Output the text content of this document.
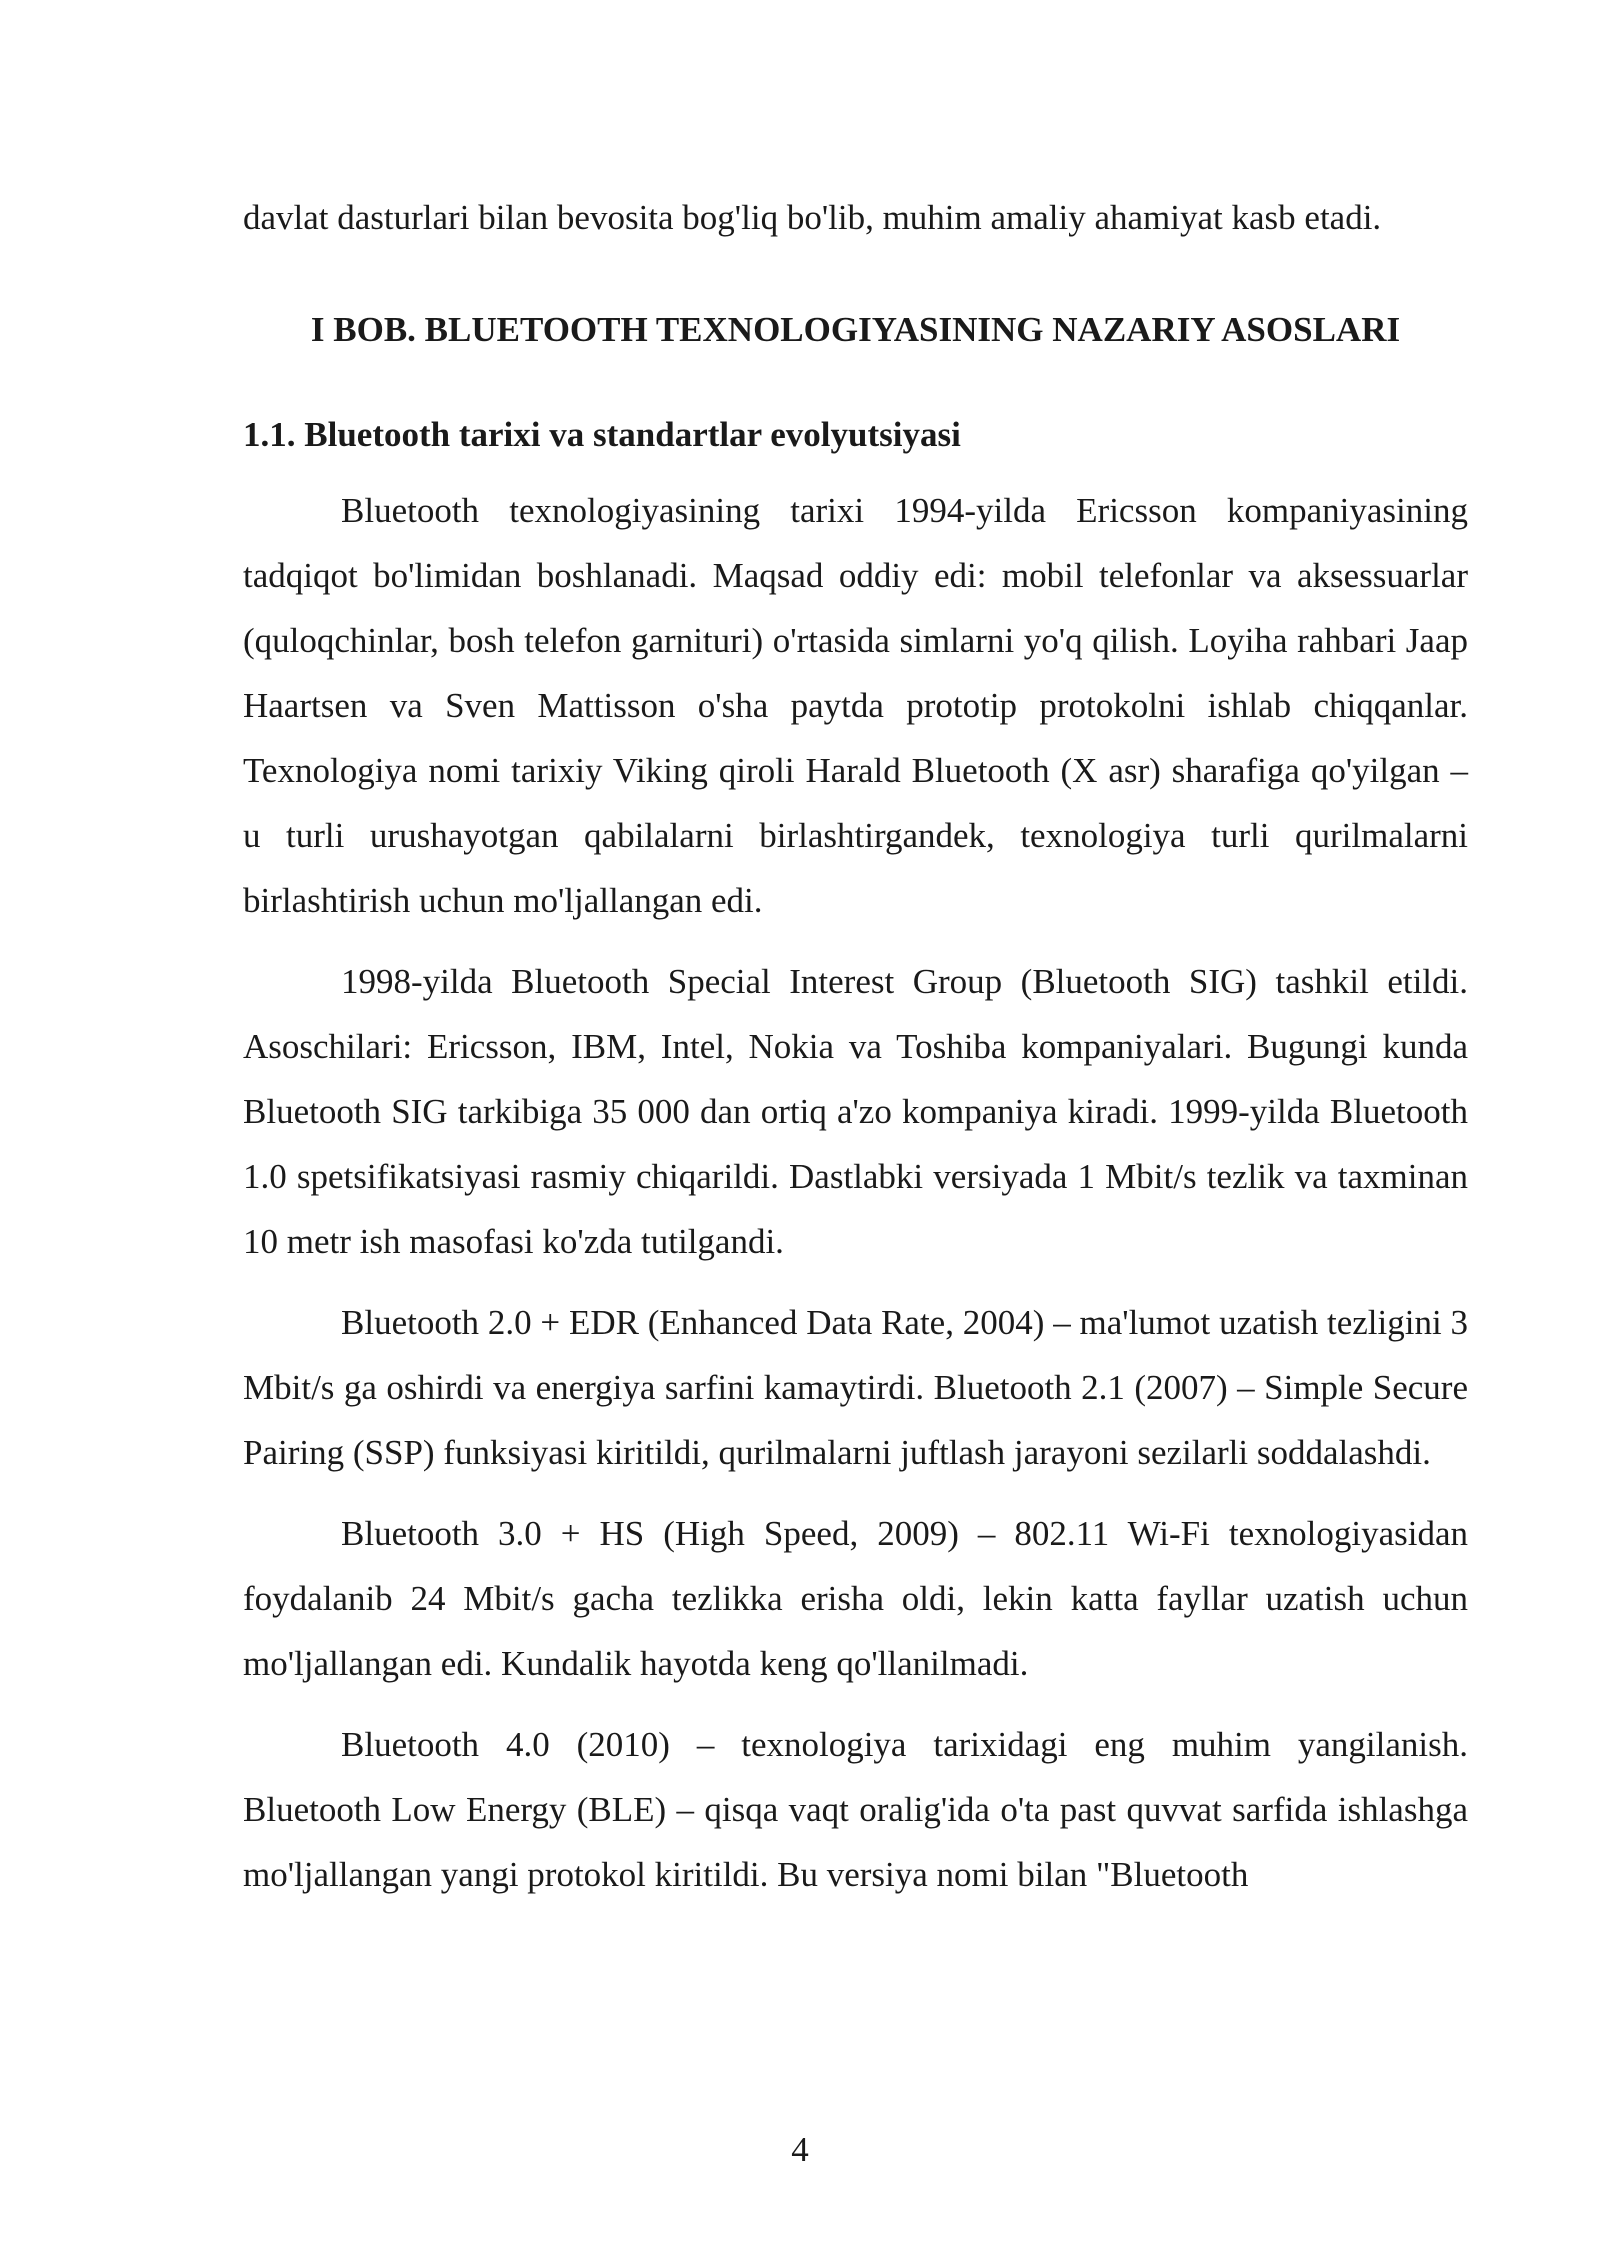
davlat dasturlari bilan bevosita bog'liq bo'lib, muhim amaliy ahamiyat kasb etadi.

I BOB. BLUETOOTH TEXNOLOGIYASINING NAZARIY ASOSLARI
1.1. Bluetooth tarixi va standartlar evolyutsiyasi

Bluetooth texnologiyasining tarixi 1994-yilda Ericsson kompaniyasining tadqiqot bo'limidan boshlanadi. Maqsad oddiy edi: mobil telefonlar va aksessuarlar (quloqchinlar, bosh telefon garnituri) o'rtasida simlarni yo'q qilish. Loyiha rahbari Jaap Haartsen va Sven Mattisson o'sha paytda prototip protokolni ishlab chiqqanlar. Texnologiya nomi tarixiy Viking qiroli Harald Bluetooth (X asr) sharafiga qo'yilgan – u turli urushayotgan qabilalarni birlashtirgandek, texnologiya turli qurilmalarni birlashtirish uchun mo'ljallangan edi.

1998-yilda Bluetooth Special Interest Group (Bluetooth SIG) tashkil etildi. Asoschilari: Ericsson, IBM, Intel, Nokia va Toshiba kompaniyalari. Bugungi kunda Bluetooth SIG tarkibiga 35 000 dan ortiq a'zo kompaniya kiradi. 1999-yilda Bluetooth 1.0 spetsifikatsiyasi rasmiy chiqarildi. Dastlabki versiyada 1 Mbit/s tezlik va taxminan 10 metr ish masofasi ko'zda tutilgandi.

Bluetooth 2.0 + EDR (Enhanced Data Rate, 2004) – ma'lumot uzatish tezligini 3 Mbit/s ga oshirdi va energiya sarfini kamaytirdi. Bluetooth 2.1 (2007) – Simple Secure Pairing (SSP) funksiyasi kiritildi, qurilmalarni juftlash jarayoni sezilarli soddalashdi.

Bluetooth 3.0 + HS (High Speed, 2009) – 802.11 Wi-Fi texnologiyasidan foydalanib 24 Mbit/s gacha tezlikka erisha oldi, lekin katta fayllar uzatish uchun mo'ljallangan edi. Kundalik hayotda keng qo'llanilmadi.

Bluetooth 4.0 (2010) – texnologiya tarixidagi eng muhim yangilanish. Bluetooth Low Energy (BLE) – qisqa vaqt oralig'ida o'ta past quvvat sarfida ishlashga mo'ljallangan yangi protokol kiritildi. Bu versiya nomi bilan "Bluetooth

4
